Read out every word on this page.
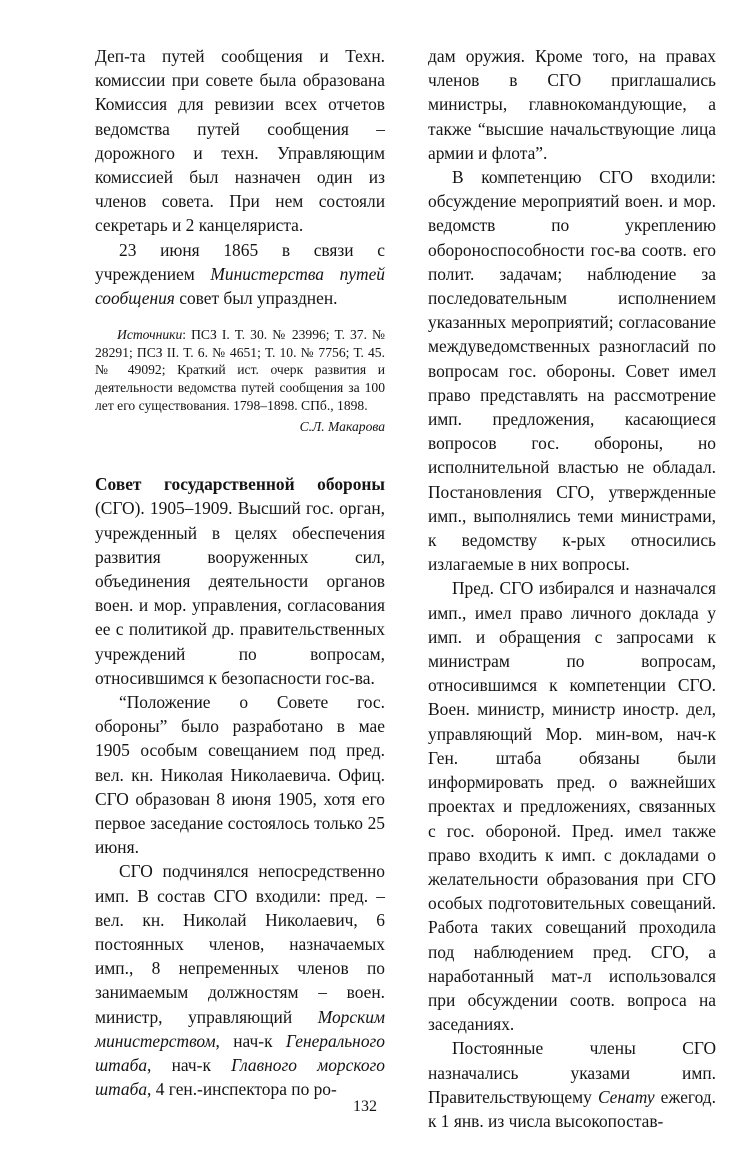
Деп-та путей сообщения и Техн. комиссии при совете была образована Комиссия для ревизии всех отчетов ведомства путей сообщения – дорожного и техн. Управляющим комиссией был назначен один из членов совета. При нем состояли секретарь и 2 канцеляриста.

23 июня 1865 в связи с учреждением Министерства путей сообщения совет был упразднен.

Источники: ПСЗ I. Т. 30. № 23996; Т. 37. № 28291; ПСЗ II. Т. 6. № 4651; Т. 10. № 7756; Т. 45. № 49092; Краткий ист. очерк развития и деятельности ведомства путей сообщения за 100 лет его существования. 1798–1898. СПб., 1898.

С.Л. Макарова

Совет государственной обороны (СГО). 1905–1909. Высший гос. орган, учрежденный в целях обеспечения развития вооруженных сил, объединения деятельности органов воен. и мор. управления, согласования ее с политикой др. правительственных учреждений по вопросам, относившимся к безопасности гос-ва.

“Положение о Совете гос. обороны” было разработано в мае 1905 особым совещанием под пред. вел. кн. Николая Николаевича. Офиц. СГО образован 8 июня 1905, хотя его первое заседание состоялось только 25 июня.

СГО подчинялся непосредственно имп. В состав СГО входили: пред. – вел. кн. Николай Николаевич, 6 постоянных членов, назначаемых имп., 8 непременных членов по занимаемым должностям – воен. министр, управляющий Морским министерством, нач-к Генерального штаба, нач-к Главного морского штаба, 4 ген.-инспектора по ро-

дам оружия. Кроме того, на правах членов в СГО приглашались министры, главнокомандующие, а также “высшие начальствующие лица армии и флота”.

В компетенцию СГО входили: обсуждение мероприятий воен. и мор. ведомств по укреплению обороноспособности гос-ва соотв. его полит. задачам; наблюдение за последовательным исполнением указанных мероприятий; согласование междуведомственных разногласий по вопросам гос. обороны. Совет имел право представлять на рассмотрение имп. предложения, касающиеся вопросов гос. обороны, но исполнительной властью не обладал. Постановления СГО, утвержденные имп., выполнялись теми министрами, к ведомству к-рых относились излагаемые в них вопросы.

Пред. СГО избирался и назначался имп., имел право личного доклада у имп. и обращения с запросами к министрам по вопросам, относившимся к компетенции СГО. Воен. министр, министр иностр. дел, управляющий Мор. мин-вом, нач-к Ген. штаба обязаны были информировать пред. о важнейших проектах и предложениях, связанных с гос. обороной. Пред. имел также право входить к имп. с докладами о желательности образования при СГО особых подготовительных совещаний. Работа таких совещаний проходила под наблюдением пред. СГО, а наработанный мат-л использовался при обсуждении соотв. вопроса на заседаниях.

Постоянные члены СГО назначались указами имп. Правительствующему Сенату ежегод. к 1 янв. из числа высокопостав-

132
